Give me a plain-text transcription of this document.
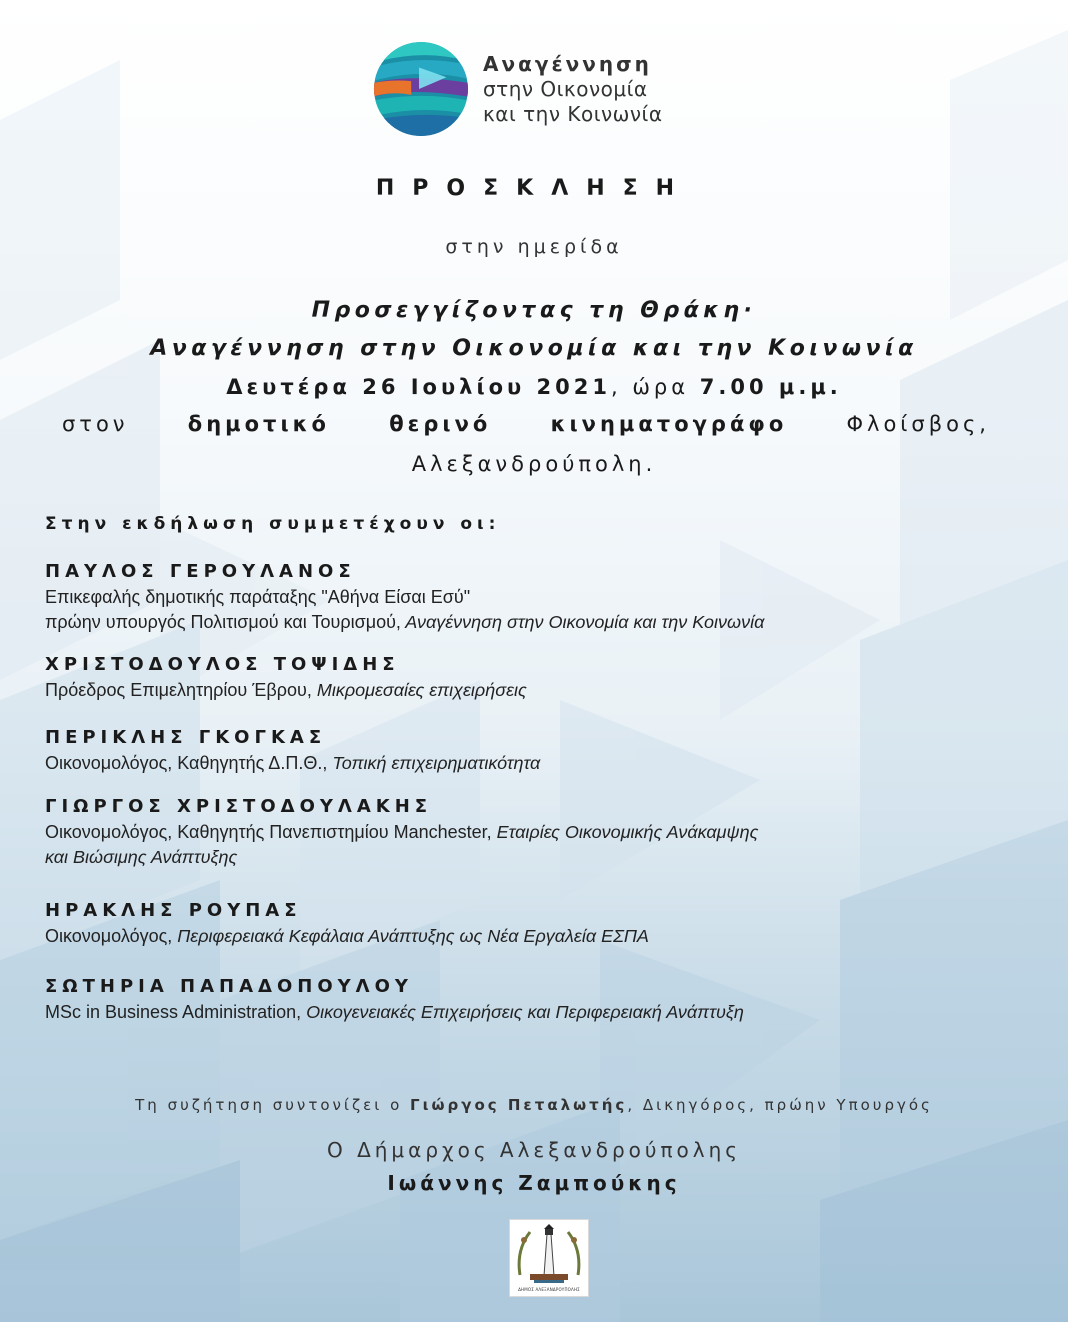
Αναγέννηση
στην Οικονομία
και την Κοινωνία
ΠΡΟΣΚΛΗΣΗ
στην ημερίδα
Προσεγγίζοντας τη Θράκη·
Αναγέννηση στην Οικονομία και την Κοινωνία
Δευτέρα 26 Ιουλίου 2021, ώρα 7.00 μ.μ.
στον	δημοτικό	θερινό	κινηματογράφο	Φλοίσβος,
Αλεξανδρούπολη.
Στην εκδήλωση συμμετέχουν οι:
ΠΑΥΛΟΣ ΓΕΡΟΥΛΑΝΟΣ
Επικεφαλής δημοτικής παράταξης "Αθήνα Είσαι Εσύ"
πρώην υπουργός Πολιτισμού και Τουρισμού, Αναγέννηση στην Οικονομία και την Κοινωνία
ΧΡΙΣΤΟΔΟΥΛΟΣ ΤΟΨΙΔΗΣ
Πρόεδρος Επιμελητηρίου Έβρου, Μικρομεσαίες επιχειρήσεις
ΠΕΡΙΚΛΗΣ ΓΚΟΓΚΑΣ
Οικονομολόγος, Καθηγητής Δ.Π.Θ., Τοπική επιχειρηματικότητα
ΓΙΩΡΓΟΣ ΧΡΙΣΤΟΔΟΥΛΑΚΗΣ
Οικονομολόγος, Καθηγητής Πανεπιστημίου Manchester, Εταιρίες Οικονομικής Ανάκαμψης
και Βιώσιμης Ανάπτυξης
ΗΡΑΚΛΗΣ ΡΟΥΠΑΣ
Οικονομολόγος, Περιφερειακά Κεφάλαια Ανάπτυξης ως Νέα Εργαλεία ΕΣΠΑ
ΣΩΤΗΡΙΑ ΠΑΠΑΔΟΠΟΥΛΟΥ
MSc in Business Administration, Οικογενειακές Επιχειρήσεις και Περιφερειακή Ανάπτυξη
Τη συζήτηση συντονίζει ο Γιώργος Πεταλωτής, Δικηγόρος, πρώην Υπουργός
Ο Δήμαρχος Αλεξανδρούπολης
Ιωάννης Ζαμπούκης
ΔΗΜΟΣ ΑΛΕΞΑΝΔΡΟΥΠΟΛΗΣ
